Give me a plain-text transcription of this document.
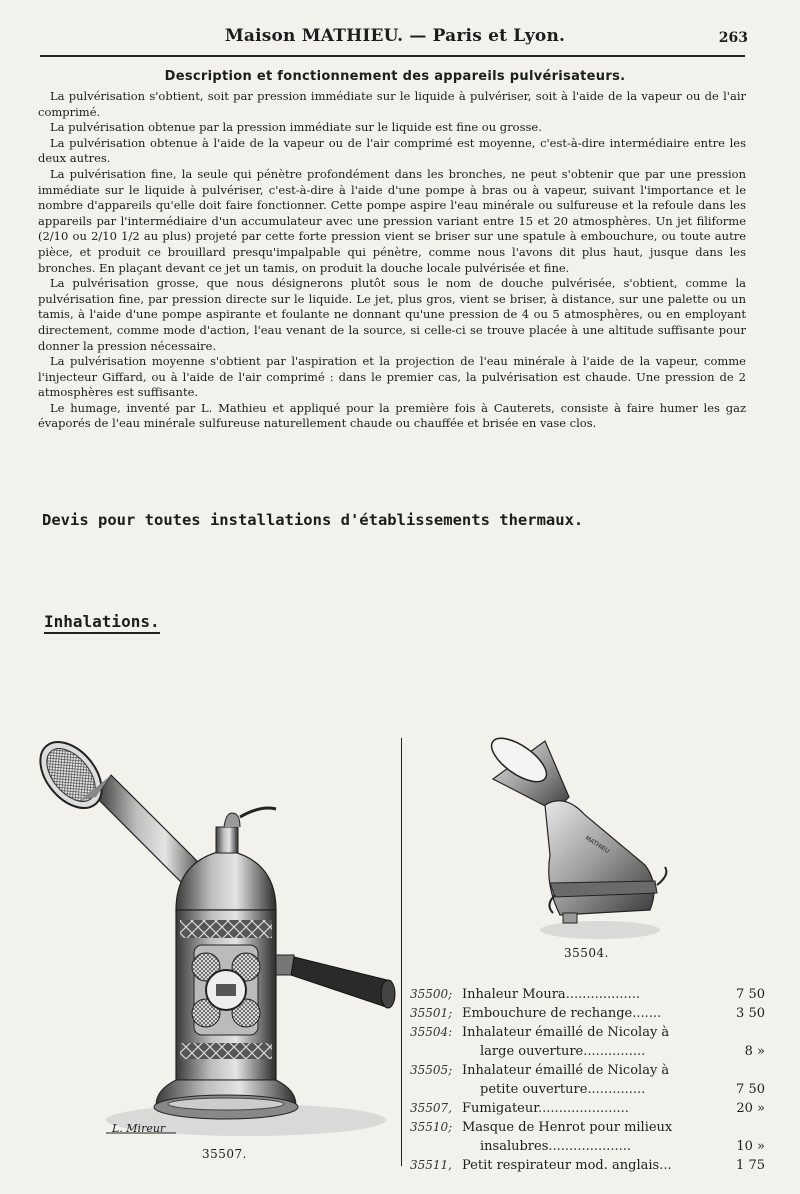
Maison MATHIEU. — Paris et Lyon.	263
Description et fonctionnement des appareils pulvérisateurs.

La pulvérisation s'obtient, soit par pression immédiate sur le liquide à pulvériser, soit à l'aide de la vapeur ou de l'air comprimé.

La pulvérisation obtenue par la pression immédiate sur le liquide est fine ou grosse.

La pulvérisation obtenue à l'aide de la vapeur ou de l'air comprimé est moyenne, c'est-à-dire intermédiaire entre les deux autres.

La pulvérisation fine, la seule qui pénètre profondément dans les bronches, ne peut s'obtenir que par une pression immédiate sur le liquide à pulvériser, c'est-à-dire à l'aide d'une pompe à bras ou à vapeur, suivant l'importance et le nombre d'appareils qu'elle doit faire fonctionner. Cette pompe aspire l'eau minérale ou sulfureuse et la refoule dans les appareils par l'intermédiaire d'un accumulateur avec une pression variant entre 15 et 20 atmosphères. Un jet filiforme (2/10 ou 2/10 1/2 au plus) projeté par cette forte pression vient se briser sur une spatule à embouchure, ou toute autre pièce, et produit ce brouillard presqu'impalpable qui pénètre, comme nous l'avons dit plus haut, jusque dans les bronches. En plaçant devant ce jet un tamis, on produit la douche locale pulvérisée et fine.

La pulvérisation grosse, que nous désignerons plutôt sous le nom de douche pulvérisée, s'obtient, comme la pulvérisation fine, par pression directe sur le liquide. Le jet, plus gros, vient se briser, à distance, sur une palette ou un tamis, à l'aide d'une pompe aspirante et foulante ne donnant qu'une pression de 4 ou 5 atmosphères, ou en employant directement, comme mode d'action, l'eau venant de la source, si celle-ci se trouve placée à une altitude suffisante pour donner la pression nécessaire.

La pulvérisation moyenne s'obtient par l'aspiration et la projection de l'eau minérale à l'aide de la vapeur, comme l'injecteur Giffard, ou à l'aide de l'air comprimé : dans le premier cas, la pulvérisation est chaude. Une pression de 2 atmosphères est suffisante.

Le humage, inventé par L. Mathieu et appliqué pour la première fois à Cauterets, consiste à faire humer les gaz évaporés de l'eau minérale sulfureuse naturellement chaude ou chauffée et brisée en vase clos.

Devis pour toutes installations d'établissements thermaux.
Inhalations.
L. Mireur
35507.
MATHIEU
35504.
35500; Inhaleur Moura..................	7 50
35501; Embouchure de rechange.......	3 50
35504: Inhalateur émaillé de Nicolay à
large ouverture...............	8 »
35505; Inhalateur émaillé de Nicolay à
petite ouverture..............	7 50
35507, Fumigateur......................	20 »
35510; Masque de Henrot pour milieux
insalubres....................	10 »
35511, Petit respirateur mod. anglais...	1 75
